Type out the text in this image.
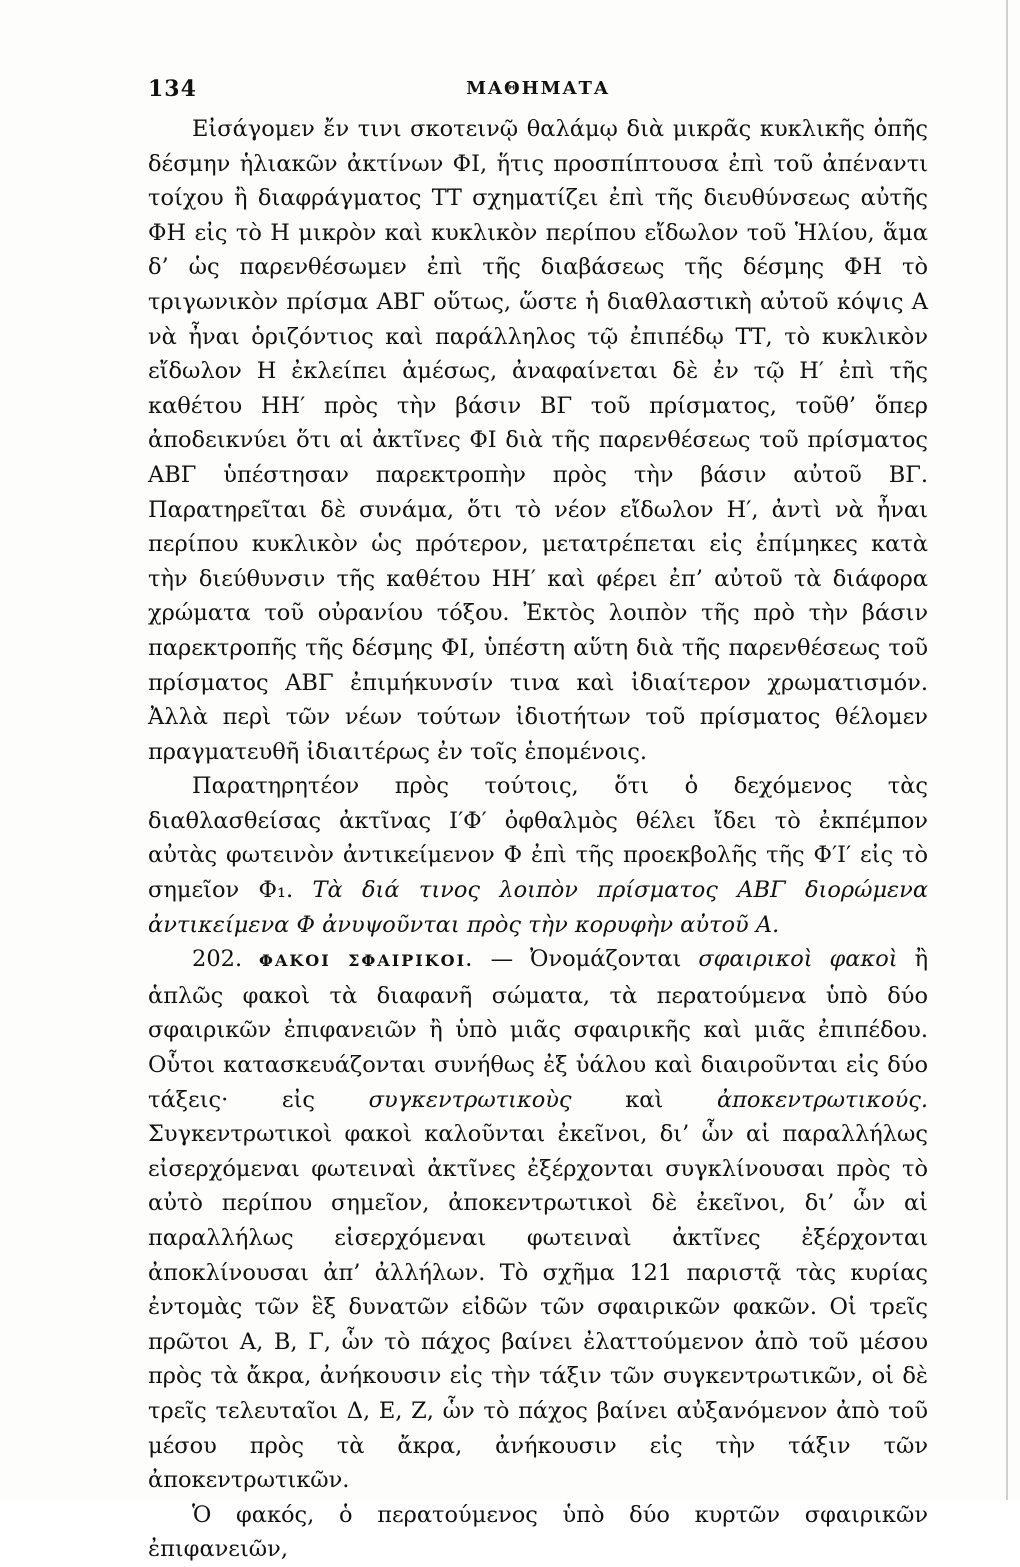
134	ΜΑΘΗΜΑΤΑ

Εἰσάγομεν ἔν τινι σκοτεινῷ θαλάμῳ διὰ μικρᾶς κυκλικῆς ὀπῆς δέσμην ἡλιακῶν ἀκτίνων ΦΙ, ἥτις προσπίπτουσα ἐπὶ τοῦ ἀπέναντι τοίχου ἢ διαφράγματος ΤΤ σχηματίζει ἐπὶ τῆς διευθύνσεως αὐτῆς ΦΗ εἰς τὸ Η μικρὸν καὶ κυκλικὸν περίπου εἴδωλον τοῦ Ἡλίου, ἅμα δ’ ὡς παρενθέσωμεν ἐπὶ τῆς διαβάσεως τῆς δέσμης ΦΗ τὸ τριγωνικὸν πρίσμα ΑΒΓ οὕτως, ὥστε ἡ διαθλαστικὴ αὐτοῦ κόψις Α νὰ ἦναι ὁριζόντιος καὶ παράλληλος τῷ ἐπιπέδῳ ΤΤ, τὸ κυκλικὸν εἴδωλον Η ἐκλείπει ἀμέσως, ἀναφαίνεται δὲ ἐν τῷ Η′ ἐπὶ τῆς καθέτου ΗΗ′ πρὸς τὴν βάσιν ΒΓ τοῦ πρίσματος, τοῦθ’ ὅπερ ἀποδεικνύει ὅτι αἱ ἀκτῖνες ΦΙ διὰ τῆς παρενθέσεως τοῦ πρίσματος ΑΒΓ ὑπέστησαν παρεκτροπὴν πρὸς τὴν βάσιν αὐτοῦ ΒΓ. Παρατηρεῖται δὲ συνάμα, ὅτι τὸ νέον εἴδωλον Η′, ἀντὶ νὰ ἦναι περίπου κυκλικὸν ὡς πρότερον, μετατρέπεται εἰς ἐπίμηκες κατὰ τὴν διεύθυνσιν τῆς καθέτου ΗΗ′ καὶ φέρει ἐπ’ αὐτοῦ τὰ διάφορα χρώματα τοῦ οὐρανίου τόξου. Ἐκτὸς λοιπὸν τῆς πρὸ τὴν βάσιν παρεκτροπῆς τῆς δέσμης ΦΙ, ὑπέστη αὕτη διὰ τῆς παρενθέσεως τοῦ πρίσματος ΑΒΓ ἐπιμήκυνσίν τινα καὶ ἰδιαίτερον χρωματισμόν. Ἀλλὰ περὶ τῶν νέων τούτων ἰδιοτήτων τοῦ πρίσματος θέλομεν πραγματευθῆ ἰδιαιτέρως ἐν τοῖς ἑπομένοις.

Παρατηρητέον πρὸς τούτοις, ὅτι ὁ δεχόμενος τὰς διαθλασθείσας ἀκτῖνας Ι′Φ′ ὀφθαλμὸς θέλει ἴδει τὸ ἐκπέμπον αὐτὰς φωτεινὸν ἀντικείμενον Φ ἐπὶ τῆς προεκβολῆς τῆς Φ′Ι′ εἰς τὸ σημεῖον Φ₁. Τὰ διά τινος λοιπὸν πρίσματος ΑΒΓ διορώμενα ἀντικείμενα Φ ἀνυψοῦνται πρὸς τὴν κορυφὴν αὐτοῦ Α.

202. ΦΑΚΟΙ ΣΦΑΙΡΙΚΟΙ. — Ὀνομάζονται σφαιρικοὶ φακοὶ ἢ ἁπλῶς φακοὶ τὰ διαφανῆ σώματα, τὰ περατούμενα ὑπὸ δύο σφαιρικῶν ἐπιφανειῶν ἢ ὑπὸ μιᾶς σφαιρικῆς καὶ μιᾶς ἐπιπέδου. Οὗτοι κατασκευάζονται συνήθως ἐξ ὑάλου καὶ διαιροῦνται εἰς δύο τάξεις· εἰς συγκεντρωτικοὺς καὶ ἀποκεντρωτικούς. Συγκεντρωτικοὶ φακοὶ καλοῦνται ἐκεῖνοι, δι’ ὧν αἱ παραλλήλως εἰσερχόμεναι φωτειναὶ ἀκτῖνες ἐξέρχονται συγκλίνουσαι πρὸς τὸ αὐτὸ περίπου σημεῖον, ἀποκεντρωτικοὶ δὲ ἐκεῖνοι, δι’ ὧν αἱ παραλλήλως εἰσερχόμεναι φωτειναὶ ἀκτῖνες ἐξέρχονται ἀποκλίνουσαι ἀπ’ ἀλλήλων. Τὸ σχῆμα 121 παριστᾷ τὰς κυρίας ἐντομὰς τῶν ἓξ δυνατῶν εἰδῶν τῶν σφαιρικῶν φακῶν. Οἱ τρεῖς πρῶτοι Α, Β, Γ, ὧν τὸ πάχος βαίνει ἐλαττούμενον ἀπὸ τοῦ μέσου πρὸς τὰ ἄκρα, ἀνήκουσιν εἰς τὴν τάξιν τῶν συγκεντρωτικῶν, οἱ δὲ τρεῖς τελευταῖοι Δ, Ε, Ζ, ὧν τὸ πάχος βαίνει αὐξανόμενον ἀπὸ τοῦ μέσου πρὸς τὰ ἄκρα, ἀνήκουσιν εἰς τὴν τάξιν τῶν ἀποκεντρωτικῶν.

Ὁ φακός, ὁ περατούμενος ὑπὸ δύο κυρτῶν σφαιρικῶν ἐπιφανειῶν,
